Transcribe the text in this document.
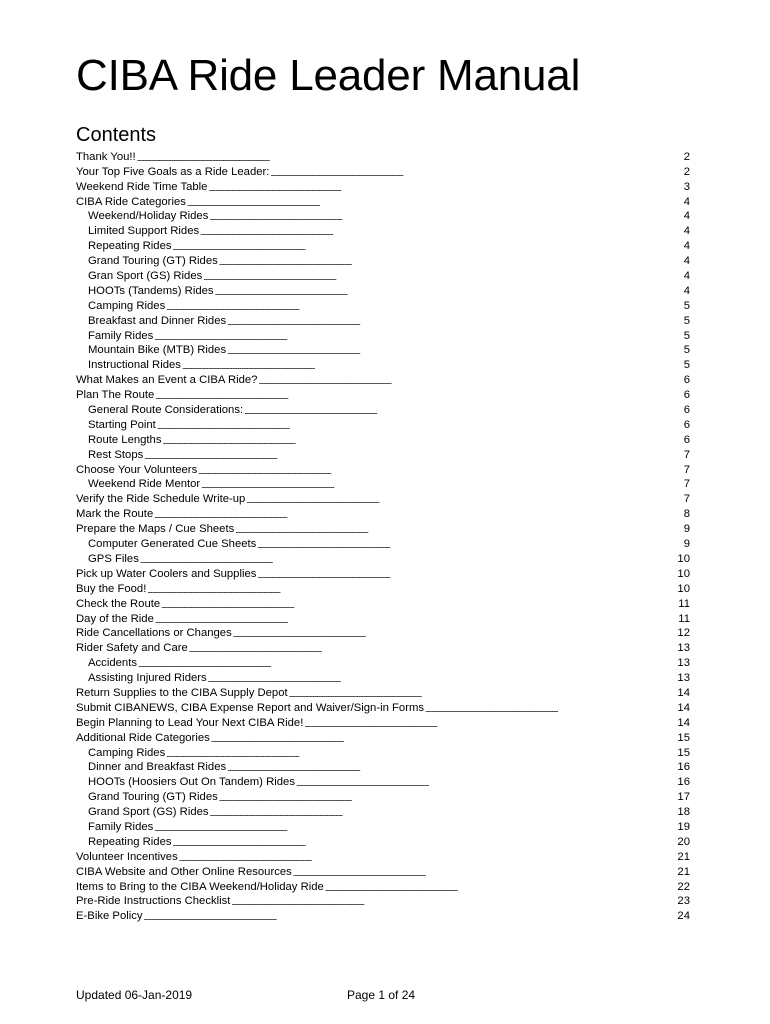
CIBA Ride Leader Manual
Contents
Thank You!! . . .	2
Your Top Five Goals as a Ride Leader: . . .	2
Weekend Ride Time Table . . .	3
CIBA Ride Categories . . .	4
Weekend/Holiday Rides . . .	4
Limited Support Rides . . .	4
Repeating Rides . . .	4
Grand Touring (GT) Rides . . .	4
Gran Sport (GS) Rides . . .	4
HOOTs (Tandems) Rides . . .	4
Camping Rides . . .	5
Breakfast and Dinner Rides . . .	5
Family Rides . . .	5
Mountain Bike (MTB) Rides . . .	5
Instructional Rides . . .	5
What Makes an Event a CIBA Ride? . . .	6
Plan The Route . . .	6
General Route Considerations: . . .	6
Starting Point . . .	6
Route Lengths . . .	6
Rest Stops . . .	7
Choose Your Volunteers . . .	7
Weekend Ride Mentor . . .	7
Verify the Ride Schedule Write-up . . .	7
Mark the Route . . .	8
Prepare the Maps / Cue Sheets . . .	9
Computer Generated Cue Sheets . . .	9
GPS Files . . .	10
Pick up Water Coolers and Supplies . . .	10
Buy the Food! . . .	10
Check the Route . . .	11
Day of the Ride . . .	11
Ride Cancellations or Changes . . .	12
Rider Safety and Care . . .	13
Accidents . . .	13
Assisting Injured Riders . . .	13
Return Supplies to the CIBA Supply Depot . . .	14
Submit CIBANEWS, CIBA Expense Report and Waiver/Sign-in Forms . . .	14
Begin Planning to Lead Your Next CIBA Ride! . . .	14
Additional Ride Categories . . .	15
Camping Rides . . .	15
Dinner and Breakfast Rides . . .	16
HOOTs (Hoosiers Out On Tandem) Rides . . .	16
Grand Touring (GT) Rides . . .	17
Grand Sport (GS) Rides . . .	18
Family Rides . . .	19
Repeating Rides . . .	20
Volunteer Incentives . . .	21
CIBA Website and Other Online Resources . . .	21
Items to Bring to the CIBA Weekend/Holiday Ride . . .	22
Pre-Ride Instructions Checklist . . .	23
E-Bike Policy . . .	24
Updated 06-Jan-2019	Page 1 of 24
